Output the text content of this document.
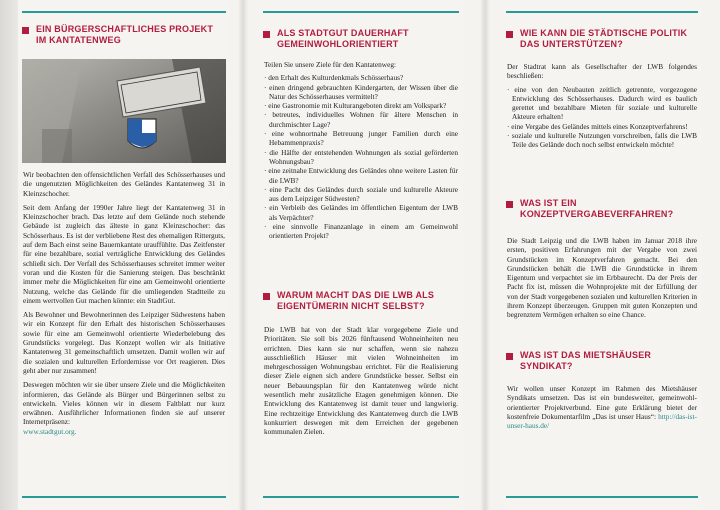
EIN BÜRGERSCHAFTLICHES PROJEKT IM KANTATENWEG

Wir beobachten den offensichtlichen Verfall des Schösserhauses und die ungenutzten Möglichkeiten des Geländes Kantatenweg 31 in Kleinzschocher.

Seit dem Anfang der 1990er Jahre liegt der Kantatenweg 31 in Kleinzschocher brach. Das letzte auf dem Gelände noch stehende Gebäude ist zugleich das älteste in ganz Kleinzschocher: das Schösserhaus. Es ist der verbliebene Rest des ehemaligen Ritterguts, auf dem Bach einst seine Bauernkantate urauffühlte. Das Zeitfenster für eine bezahlbare, sozial verträgliche Entwicklung des Geländes schließt sich. Der Verfall des Schösserhauses schreitet immer weiter voran und die Kosten für die Sanierung steigen. Das beschränkt immer mehr die Möglichkeiten für eine am Gemeinwohl orientierte Nutzung, welche das Gelände für die umliegenden Stadtteile zu einem wertvollen Gut machen könnte: ein StadtGut.

Als Bewohner und Bewohnerinnen des Leipziger Südwestens haben wir ein Konzept für den Erhalt des historischen Schösserhauses sowie für eine am Gemeinwohl orientierte Wiederbelebung des Grundstücks vorgelegt. Das Konzept wollen wir als Initiative Kantatenweg 31 gemeinschaftlich umsetzen. Damit wollen wir auf die sozialen und kulturellen Erfordernisse vor Ort reagieren. Dies geht aber nur zusammen!

Deswegen möchten wir sie über unsere Ziele und die Möglichkeiten informieren, das Gelände als Bürger und Bürgerinnen selbst zu entwickeln. Vieles können wir in diesem Faltblatt nur kurz erwähnen. Ausführlicher Informationen finden sie auf unserer Internetpräsenz:
www.stadtgut.org.

ALS STADTGUT DAUERHAFT GEMEINWOHLORIENTIERT

Teilen Sie unsere Ziele für den Kantatenweg:

· den Erhalt des Kulturdenkmals Schösserhaus?
· einen dringend gebrauchten Kindergarten, der Wissen über die Natur des Schösserhauses vermittelt?
· eine Gastronomie mit Kulturangeboten direkt am Volkspark?
· betreutes, individuelles Wohnen für ältere Menschen in durchmischter Lage?
· eine wohnortnahe Betreuung junger Familien durch eine Hebammenpraxis?
· die Hälfte der entstehenden Wohnungen als sozial geförderten Wohnungsbau?
· eine zeitnahe Entwicklung des Geländes ohne weitere Lasten für die LWB?
· eine Pacht des Geländes durch soziale und kulturelle Akteure aus dem Leipziger Südwesten?
· ein Verbleib des Geländes im öffentlichen Eigentum der LWB als Verpächter?
· eine sinnvolle Finanzanlage in einem am Gemeinwohl orientierten Projekt?
WARUM MACHT DAS DIE LWB ALS EIGENTÜMERIN NICHT SELBST?

Die LWB hat von der Stadt klar vorgegebene Ziele und Prioritäten. Sie soll bis 2026 fünftausend Wohneinheiten neu errichten. Dies kann sie nur schaffen, wenn sie nahezu ausschließlich Häuser mit vielen Wohneinheiten im mehrgeschossigen Wohnungsbau errichtet. Für die Realisierung dieser Ziele eignen sich andere Grundstücke besser. Selbst ein neuer Bebauungsplan für den Kantatenweg würde nicht wesentlich mehr zusätzliche Etagen genehmigen können. Die Entwicklung des Kantatenweg ist damit teuer und langwierig. Eine rechtzeitige Entwicklung des Kantatenweg durch die LWB konkurriert deswegen mit dem Erreichen der gegebenen kommunalen Zielen.

WIE KANN DIE STÄDTISCHE POLITIK DAS UNTERSTÜTZEN?

Der Stadtrat kann als Gesellschafter der LWB folgendes beschließen:

· eine von den Neubauten zeitlich getrennte, vorgezogene Entwicklung des Schösserhauses. Dadurch wird es baulich gerettet und bezahlbare Mieten für soziale und kulturelle Akteure erhalten!
· eine Vergabe des Geländes mittels eines Konzeptverfahrens!
· soziale und kulturelle Nutzungen vorschreiben, falls die LWB Teile des Gelände doch noch selbst entwickeln möchte!
WAS IST EIN KONZEPTVERGABEVERFAHREN?

Die Stadt Leipzig und die LWB haben im Januar 2018 ihre ersten, positiven Erfahrungen mit der Vergabe von zwei Grundstücken im Konzeptverfahren gemacht. Bei den Grundstücken behält die LWB die Grundstücke in ihrem Eigentum und verpachtet sie im Erbbaurecht. Da der Preis der Pacht fix ist, müssen die Wohnprojekte mit der Erfüllung der von der Stadt vorgegebenen sozialen und kulturellen Kriterien in ihrem Konzept überzeugen. Gruppen mit guten Konzepten und begrenztem Vermögen erhalten so eine Chance.

WAS IST DAS MIETSHÄUSER SYNDIKAT?

Wir wollen unser Konzept im Rahmen des Mietshäuser Syndikats umsetzen. Das ist ein bundesweiter, gemeinwohl-orientierter Projektverbund. Eine gute Erklärung bietet der kostenfreie Dokumentarfilm „Das ist unser Haus“: http://das-ist-unser-haus.de/
